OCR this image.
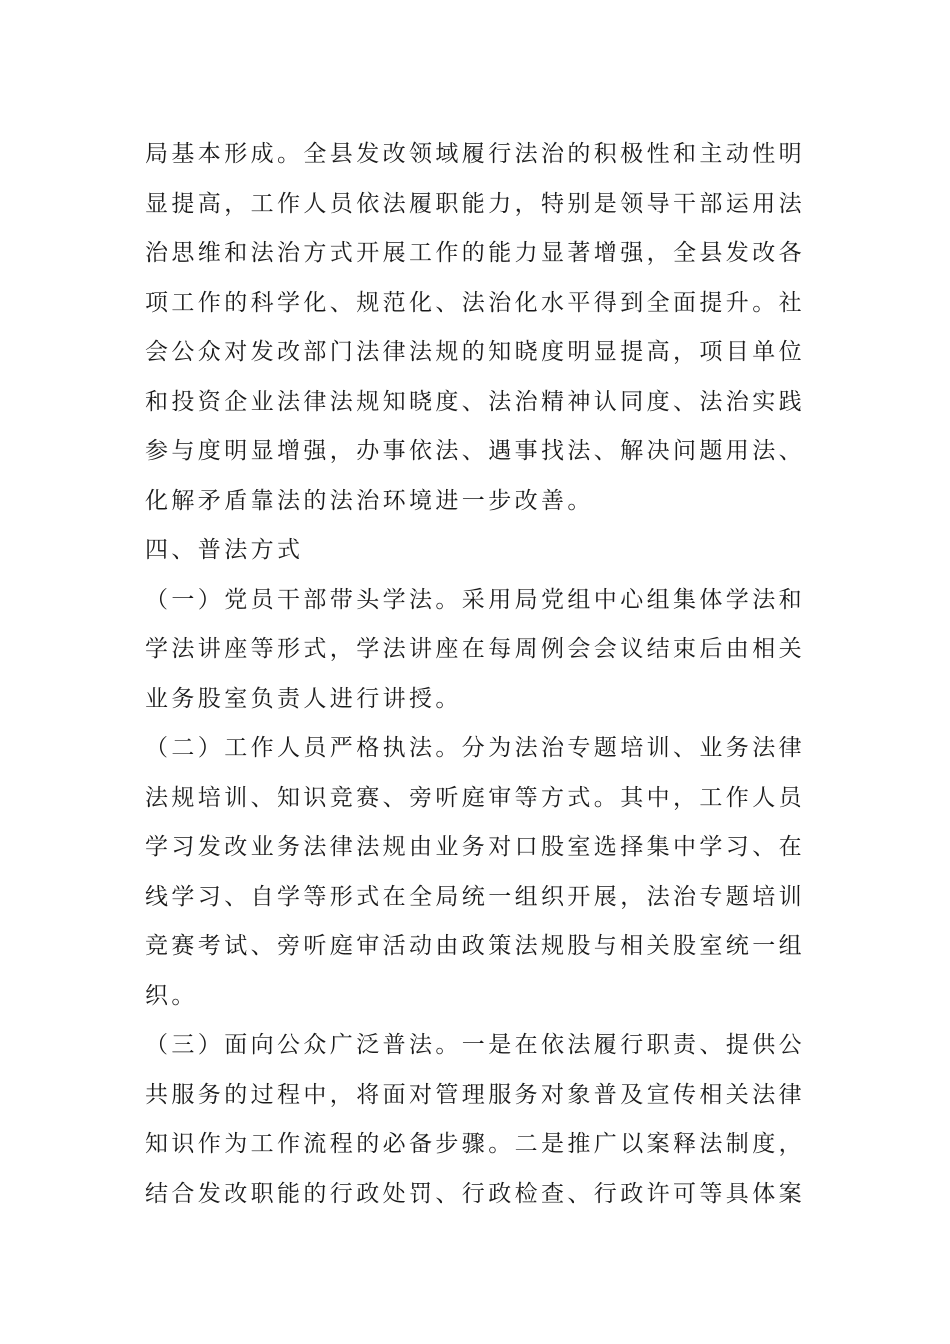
局基本形成。全县发改领域履行法治的积极性和主动性明
显提高，工作人员依法履职能力，特别是领导干部运用法
治思维和法治方式开展工作的能力显著增强，全县发改各
项工作的科学化、规范化、法治化水平得到全面提升。社
会公众对发改部门法律法规的知晓度明显提高，项目单位
和投资企业法律法规知晓度、法治精神认同度、法治实践
参与度明显增强，办事依法、遇事找法、解决问题用法、
化解矛盾靠法的法治环境进一步改善。
四、普法方式
（一）党员干部带头学法。采用局党组中心组集体学法和
学法讲座等形式，学法讲座在每周例会会议结束后由相关
业务股室负责人进行讲授。
（二）工作人员严格执法。分为法治专题培训、业务法律
法规培训、知识竞赛、旁听庭审等方式。其中，工作人员
学习发改业务法律法规由业务对口股室选择集中学习、在
线学习、自学等形式在全局统一组织开展，法治专题培训
竞赛考试、旁听庭审活动由政策法规股与相关股室统一组
织。
（三）面向公众广泛普法。一是在依法履行职责、提供公
共服务的过程中，将面对管理服务对象普及宣传相关法律
知识作为工作流程的必备步骤。二是推广以案释法制度，
结合发改职能的行政处罚、行政检查、行政许可等具体案
